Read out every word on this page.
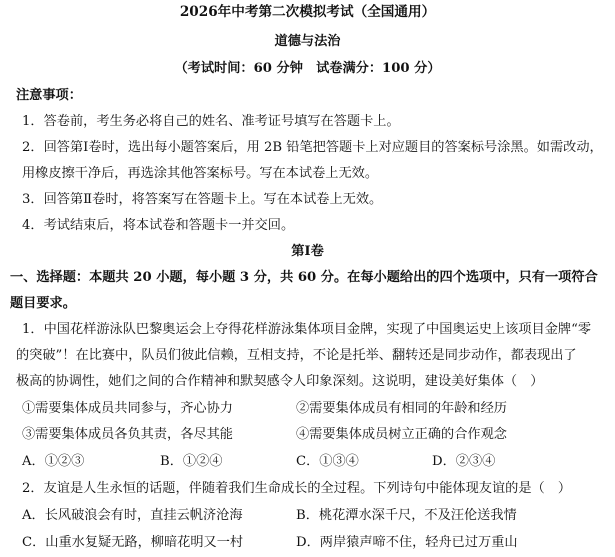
2026年中考第二次模拟考试（全国通用）
道德与法治
（考试时间：60 分钟　试卷满分：100 分）
注意事项：
1．答卷前，考生务必将自己的姓名、准考证号填写在答题卡上。
2．回答第Ⅰ卷时，选出每小题答案后，用 2B 铅笔把答题卡上对应题目的答案标号涂黑。如需改动，
用橡皮擦干净后，再选涂其他答案标号。写在本试卷上无效。
3．回答第Ⅱ卷时，将答案写在答题卡上。写在本试卷上无效。
4．考试结束后，将本试卷和答题卡一并交回。
第Ⅰ卷
一、选择题：本题共 20 小题，每小题 3 分，共 60 分。在每小题给出的四个选项中，只有一项符合
题目要求。
1．中国花样游泳队巴黎奥运会上夺得花样游泳集体项目金牌，实现了中国奥运史上该项目金牌“零
的突破”！在比赛中，队员们彼此信赖，互相支持，不论是托举、翻转还是同步动作，都表现出了
极高的协调性，她们之间的合作精神和默契感令人印象深刻。这说明，建设美好集体（　）
①需要集体成员共同参与，齐心协力	②需要集体成员有相同的年龄和经历
③需要集体成员各负其责，各尽其能	④需要集体成员树立正确的合作观念
A．①②③	B．①②④	C．①③④	D．②③④
2．友谊是人生永恒的话题，伴随着我们生命成长的全过程。下列诗句中能体现友谊的是（　）
A．长风破浪会有时，直挂云帆济沧海	B．桃花潭水深千尺，不及汪伦送我情
C．山重水复疑无路，柳暗花明又一村	D．两岸猿声啼不住，轻舟已过万重山
